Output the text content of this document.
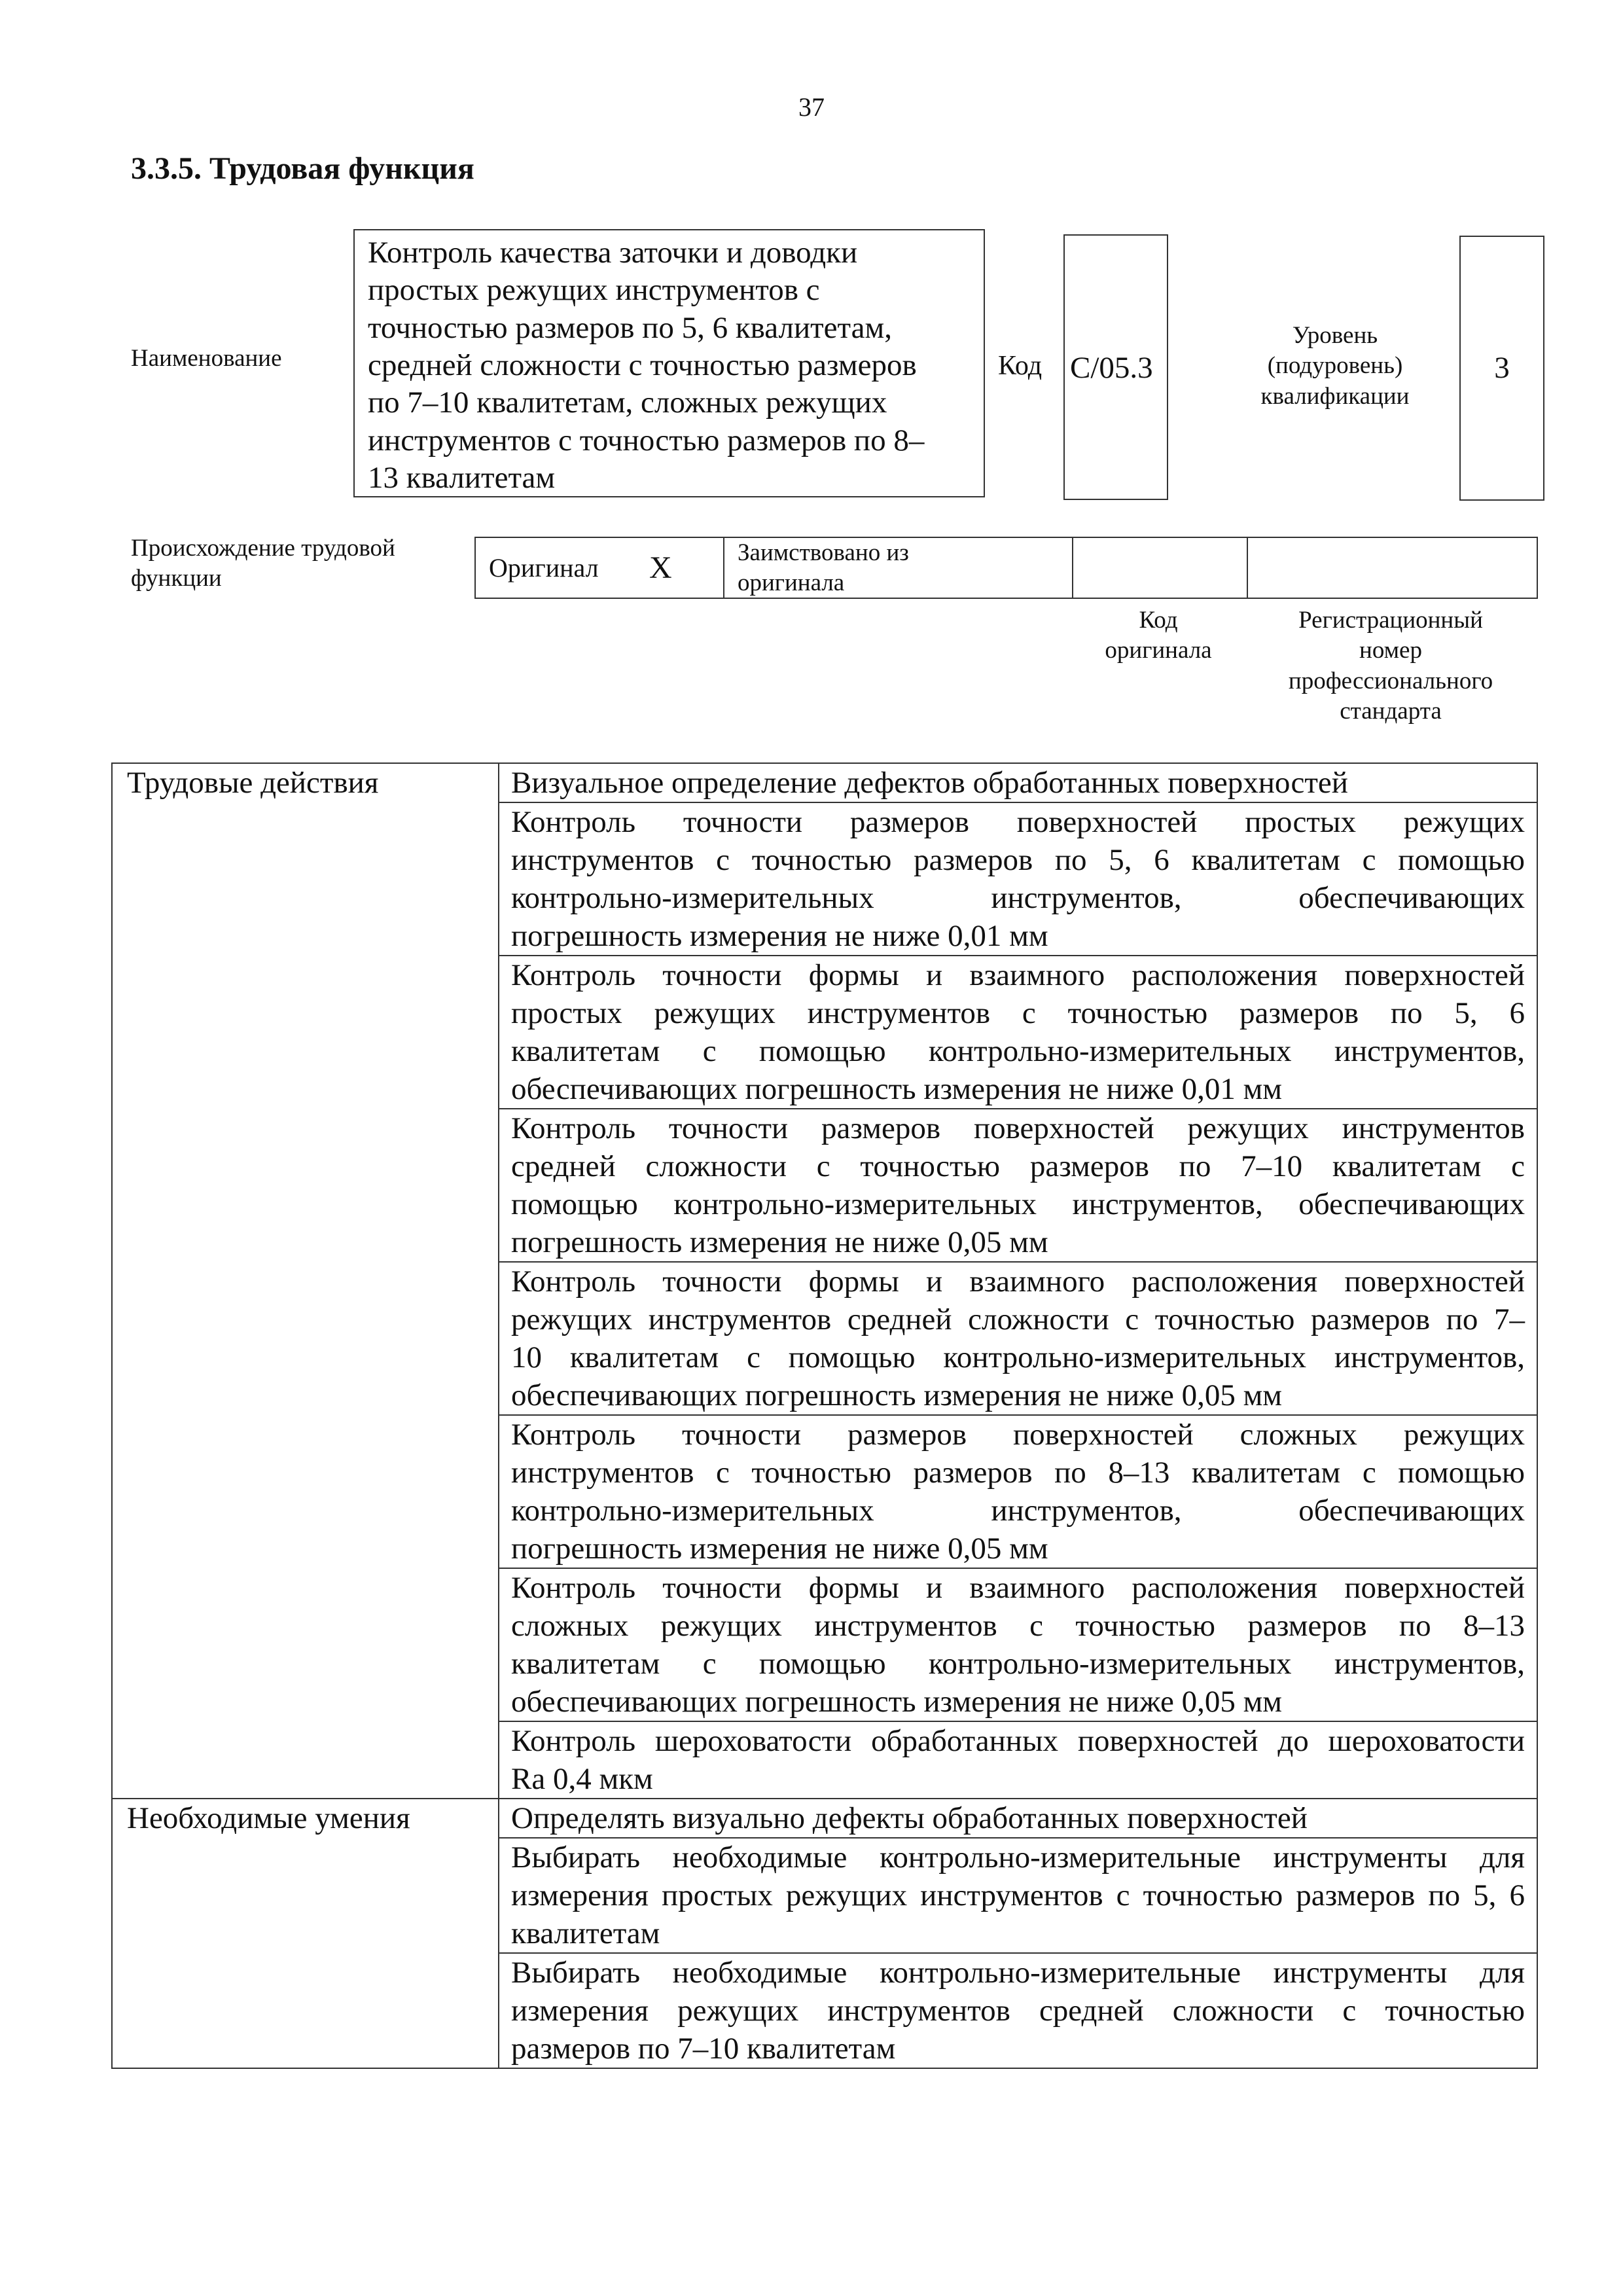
37
3.3.5. Трудовая функция
Наименование
Контроль качества заточки и доводки
простых режущих инструментов с
точностью размеров по 5, 6 квалитетам,
средней сложности с точностью размеров
по 7–10 квалитетам, сложных режущих
инструментов с точностью размеров по 8–
13 квалитетам
Код C/05.3
Уровень
(подуровень)
квалификации
3
Происхождение трудовой
функции	Оригинал X	Заимствовано из
оригинала
Код
оригинала
Регистрационный
номер
профессионального
стандарта
Трудовые действия	Визуальное определение дефектов обработанных поверхностей

	Контроль точности размеров поверхностей простых режущих
инструментов с точностью размеров по 5, 6 квалитетам с помощью
контрольно-измерительных инструментов, обеспечивающих
погрешность измерения не ниже 0,01 мм

	Контроль точности формы и взаимного расположения поверхностей
простых режущих инструментов с точностью размеров по 5, 6
квалитетам с помощью контрольно-измерительных инструментов,
обеспечивающих погрешность измерения не ниже 0,01 мм

	Контроль точности размеров поверхностей режущих инструментов
средней сложности с точностью размеров по 7–10 квалитетам с
помощью контрольно-измерительных инструментов, обеспечивающих
погрешность измерения не ниже 0,05 мм

	Контроль точности формы и взаимного расположения поверхностей
режущих инструментов средней сложности с точностью размеров по 7–
10 квалитетам с помощью контрольно-измерительных инструментов,
обеспечивающих погрешность измерения не ниже 0,05 мм

	Контроль точности размеров поверхностей сложных режущих
инструментов с точностью размеров по 8–13 квалитетам с помощью
контрольно-измерительных инструментов, обеспечивающих
погрешность измерения не ниже 0,05 мм

	Контроль точности формы и взаимного расположения поверхностей
сложных режущих инструментов с точностью размеров по 8–13
квалитетам с помощью контрольно-измерительных инструментов,
обеспечивающих погрешность измерения не ниже 0,05 мм

	Контроль шероховатости обработанных поверхностей до шероховатости
Ra 0,4 мкм

Необходимые умения	Определять визуально дефекты обработанных поверхностей

	Выбирать необходимые контрольно-измерительные инструменты для
измерения простых режущих инструментов с точностью размеров по 5, 6
квалитетам

	Выбирать необходимые контрольно-измерительные инструменты для
измерения режущих инструментов средней сложности с точностью
размеров по 7–10 квалитетам
